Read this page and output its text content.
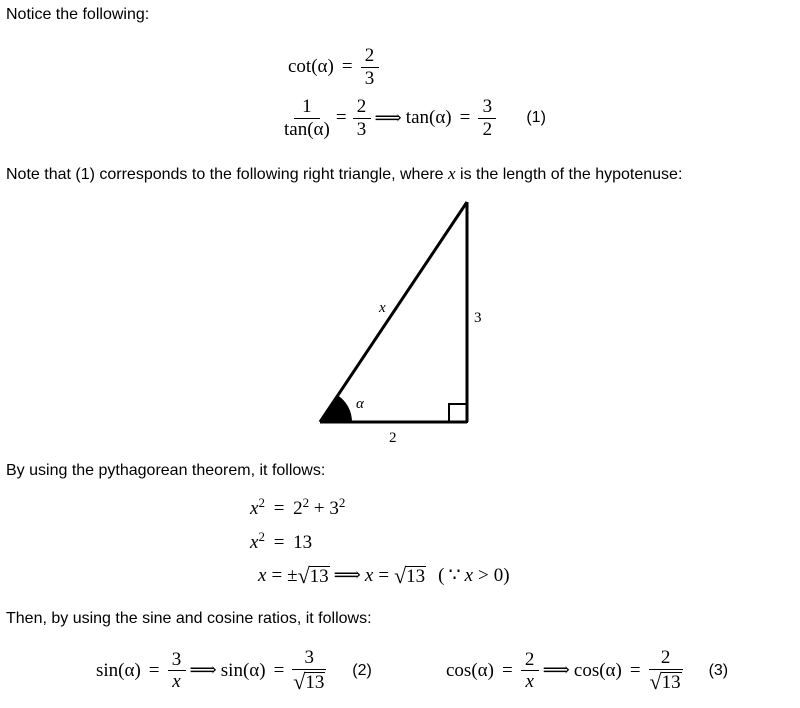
Notice the following:
$\cot(\alpha) = \frac{2}{3}$
$\frac{1}{\tan(\alpha)} = \frac{2}{3}$ ⟹ $\tan(\alpha) = \frac{3}{2} (1)$
Note that (1) corresponds to the following right triangle, where x is the length of the hypotenuse:
x
3
2
α
By using the pythagorean theorem, it follows:
$x^2 = 2^2 + 3^2$
$x^2 = 13$
x = ± √ 13 ⟹ x = √ 13 ( ∵ x > 0 )
Then, by using the sine and cosine ratios, it follows:
$\sin(\alpha) = \frac{3}{x}$ ⟹ $\sin(\alpha) = \frac{3}{√ 13} (2)$	$\cos(\alpha) = \frac{2}{x}$ ⟹ $\cos(\alpha) = \frac{2}{√ 13} (3)$
